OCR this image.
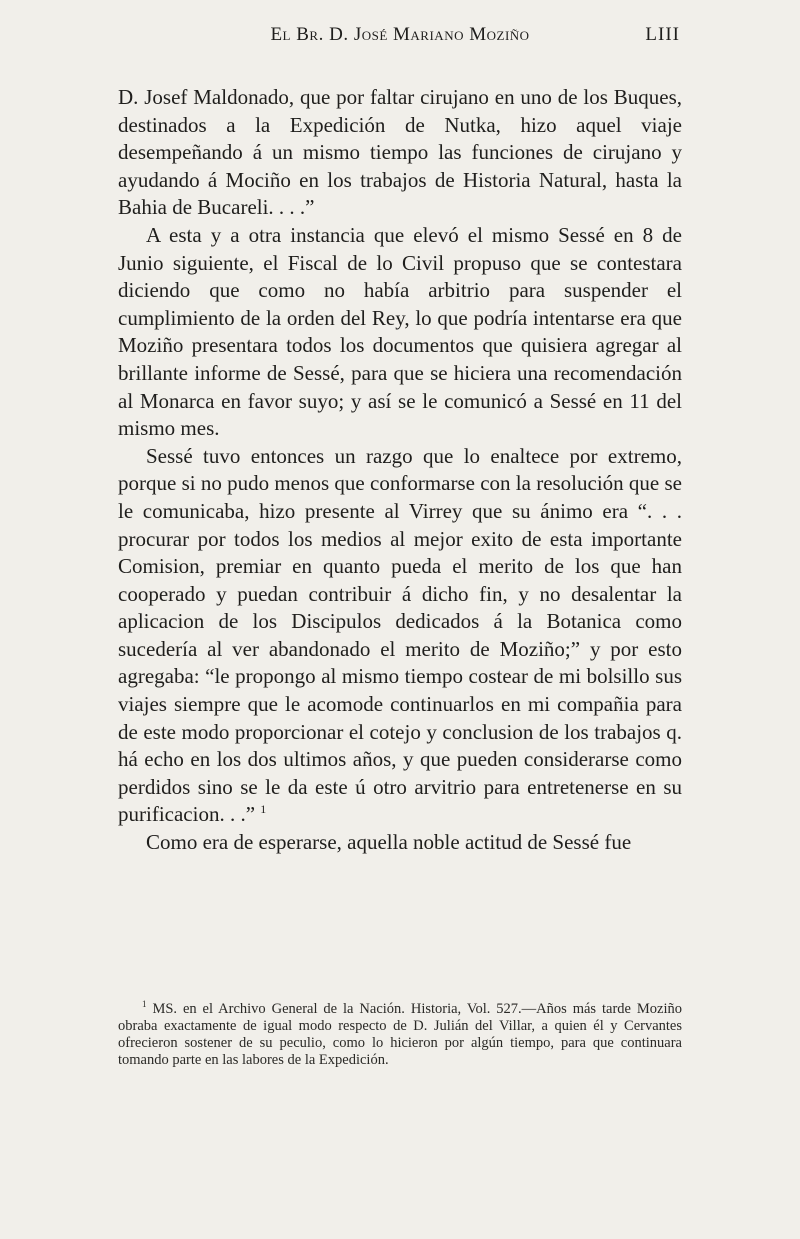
El Br. D. José Mariano Moziño	LIII

D. Josef Maldonado, que por faltar cirujano en uno de los Buques, destinados a la Expedición de Nutka, hizo aquel viaje desempeñando á un mismo tiempo las funciones de cirujano y ayudando á Mociño en los trabajos de Historia Natural, hasta la Bahia de Bucareli. . . .”

A esta y a otra instancia que elevó el mismo Sessé en 8 de Junio siguiente, el Fiscal de lo Civil propuso que se contestara diciendo que como no había arbitrio para suspender el cumplimiento de la orden del Rey, lo que podría intentarse era que Moziño presentara todos los documentos que quisiera agregar al brillante informe de Sessé, para que se hiciera una recomendación al Monarca en favor suyo; y así se le comunicó a Sessé en 11 del mismo mes.

Sessé tuvo entonces un razgo que lo enaltece por extremo, porque si no pudo menos que conformarse con la resolución que se le comunicaba, hizo presente al Virrey que su ánimo era “. . . procurar por todos los medios al mejor exito de esta importante Comision, premiar en quanto pueda el merito de los que han cooperado y puedan contribuir á dicho fin, y no desalentar la aplicacion de los Discipulos dedicados á la Botanica como sucedería al ver abandonado el merito de Moziño;” y por esto agregaba: “le propongo al mismo tiempo costear de mi bolsillo sus viajes siempre que le acomode continuarlos en mi compañia para de este modo proporcionar el cotejo y conclusion de los trabajos q. há echo en los dos ultimos años, y que pueden considerarse como perdidos sino se le da este ú otro arvitrio para entretenerse en su purificacion. . .” $^1$

Como era de esperarse, aquella noble actitud de Sessé fue

$^1$ MS. en el Archivo General de la Nación. Historia, Vol. 527.—Años más tarde Moziño obraba exactamente de igual modo respecto de D. Julián del Villar, a quien él y Cervantes ofrecieron sostener de su peculio, como lo hicieron por algún tiempo, para que continuara tomando parte en las labores de la Expedición.
